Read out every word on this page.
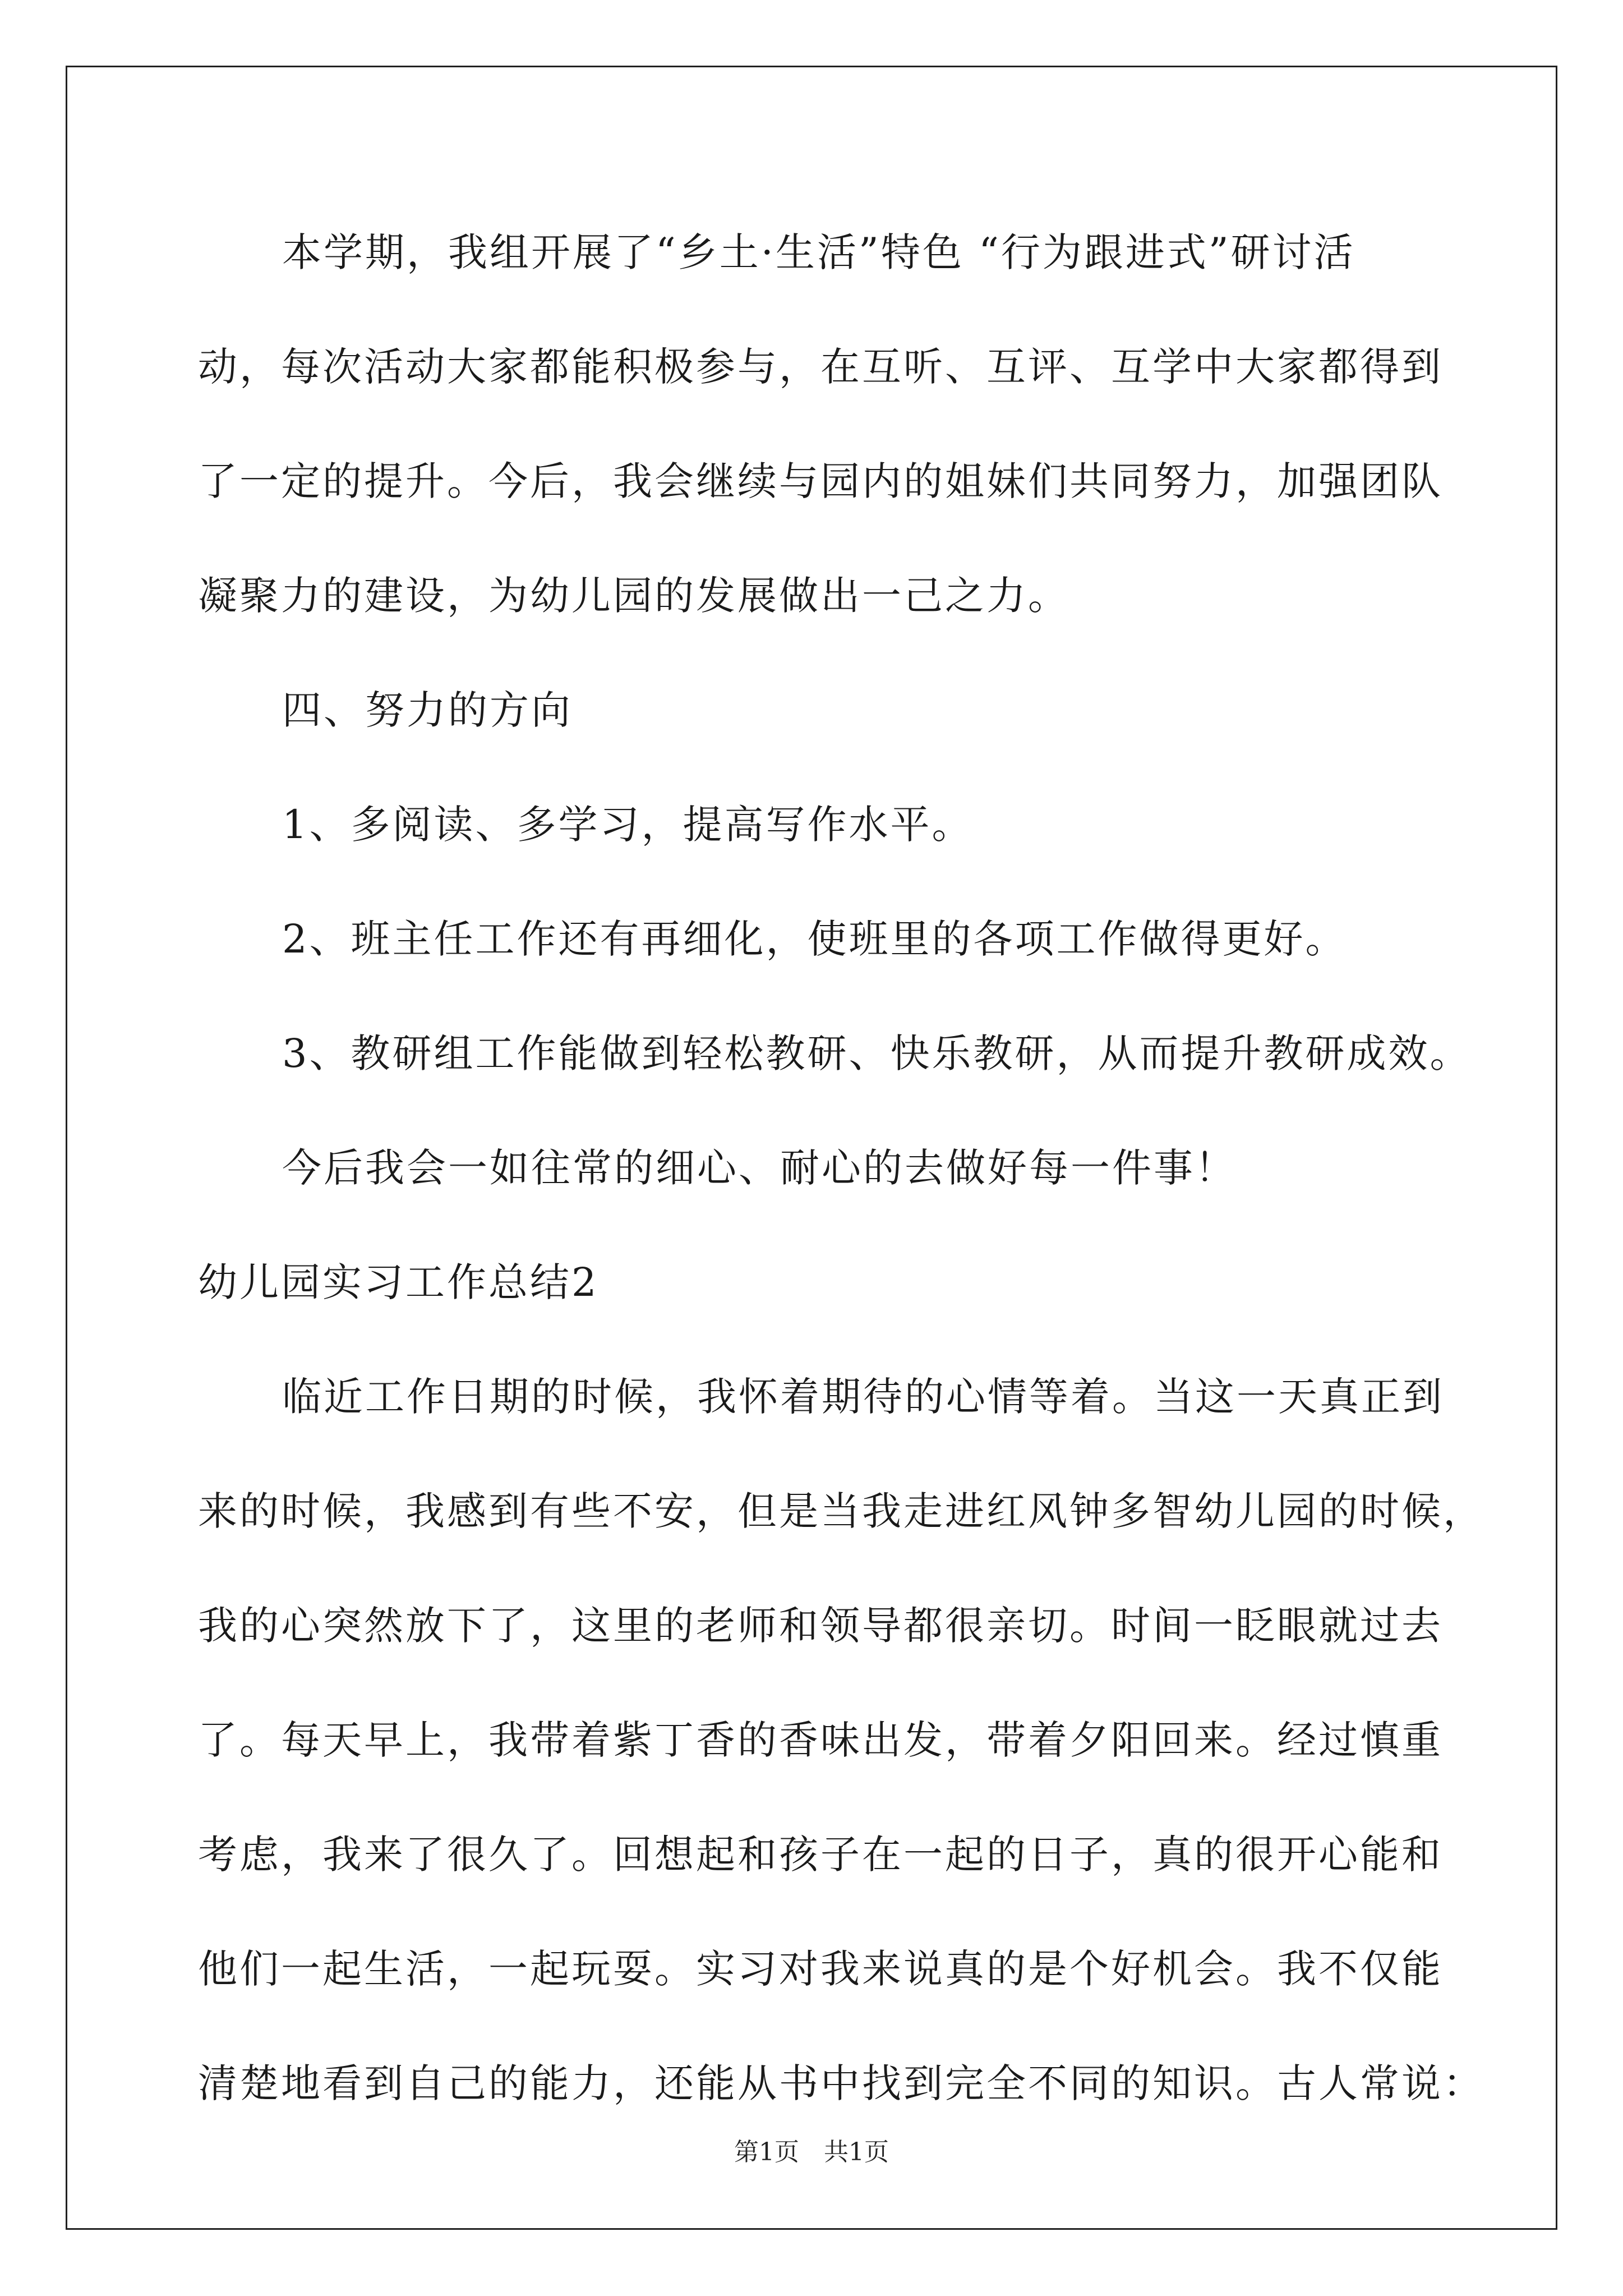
本学期，我组开展了“乡土·生活”特色 “行为跟进式”研讨活
动，每次活动大家都能积极参与，在互听、互评、互学中大家都得到
了一定的提升。今后，我会继续与园内的姐妹们共同努力，加强团队
凝聚力的建设，为幼儿园的发展做出一己之力。
四、努力的方向
1、多阅读、多学习，提高写作水平。
2、班主任工作还有再细化，使班里的各项工作做得更好。
3、教研组工作能做到轻松教研、快乐教研，从而提升教研成效。
今后我会一如往常的细心、耐心的去做好每一件事！
幼儿园实习工作总结2
临近工作日期的时候，我怀着期待的心情等着。当这一天真正到
来的时候，我感到有些不安，但是当我走进红风钟多智幼儿园的时候，
我的心突然放下了，这里的老师和领导都很亲切。时间一眨眼就过去
了。每天早上，我带着紫丁香的香味出发，带着夕阳回来。经过慎重
考虑，我来了很久了。回想起和孩子在一起的日子，真的很开心能和
他们一起生活，一起玩耍。实习对我来说真的是个好机会。我不仅能
清楚地看到自己的能力，还能从书中找到完全不同的知识。古人常说：
第1页　共1页
